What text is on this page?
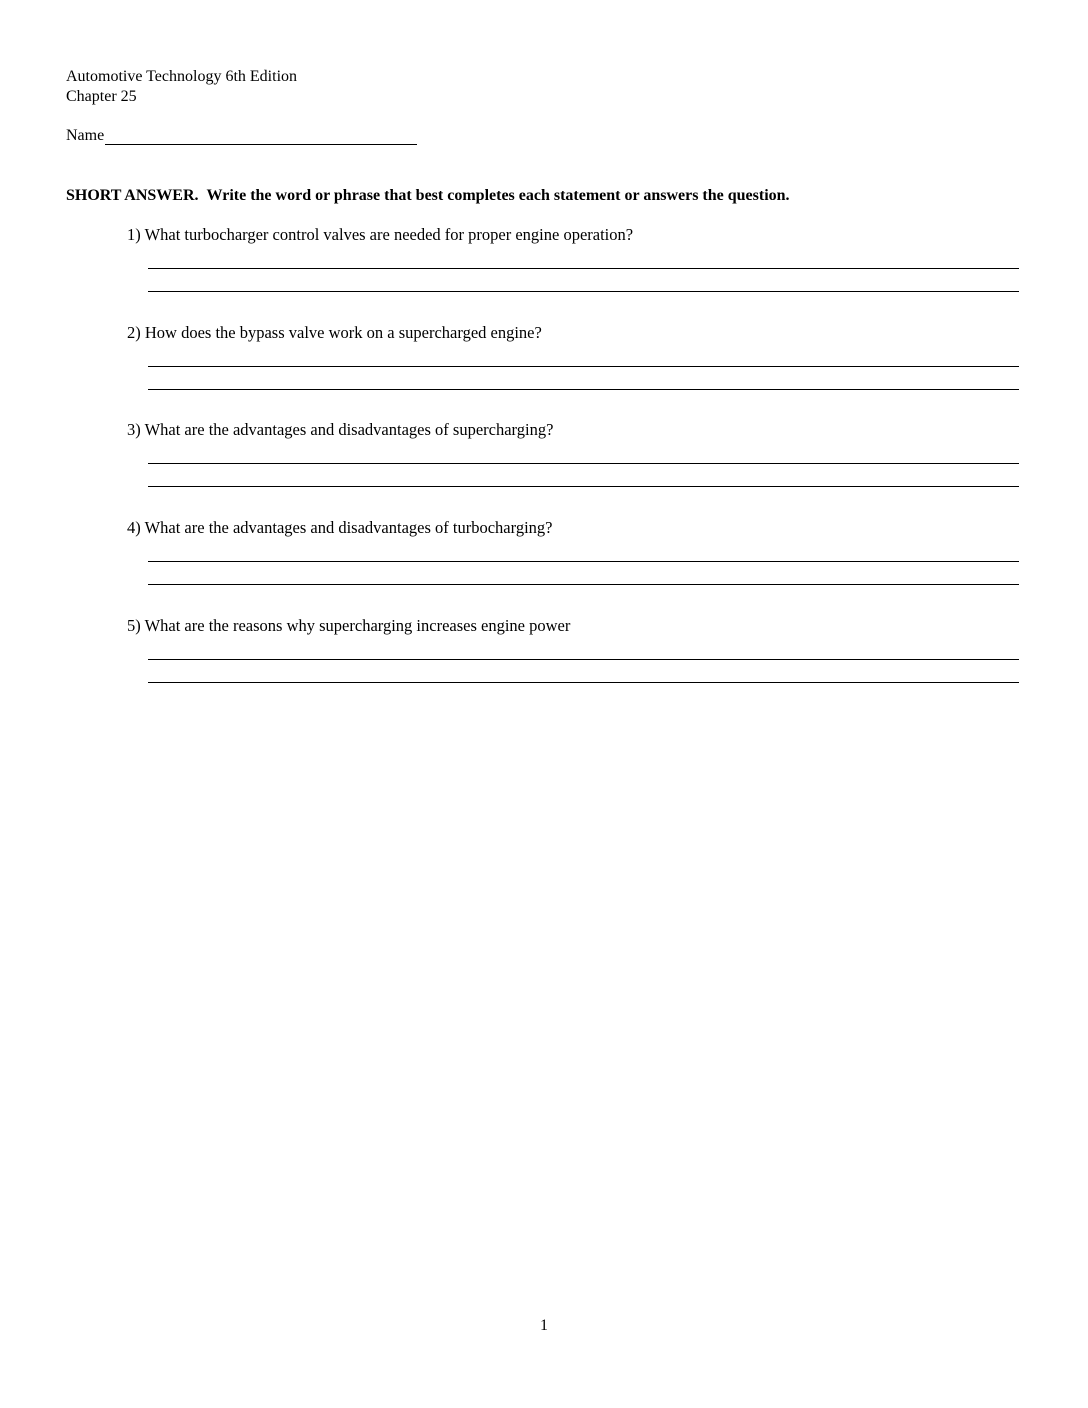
Automotive Technology 6th Edition
Chapter 25
Name
SHORT ANSWER. Write the word or phrase that best completes each statement or answers the question.
1) What turbocharger control valves are needed for proper engine operation?
2) How does the bypass valve work on a supercharged engine?
3) What are the advantages and disadvantages of supercharging?
4) What are the advantages and disadvantages of turbocharging?
5) What are the reasons why supercharging increases engine power
1
